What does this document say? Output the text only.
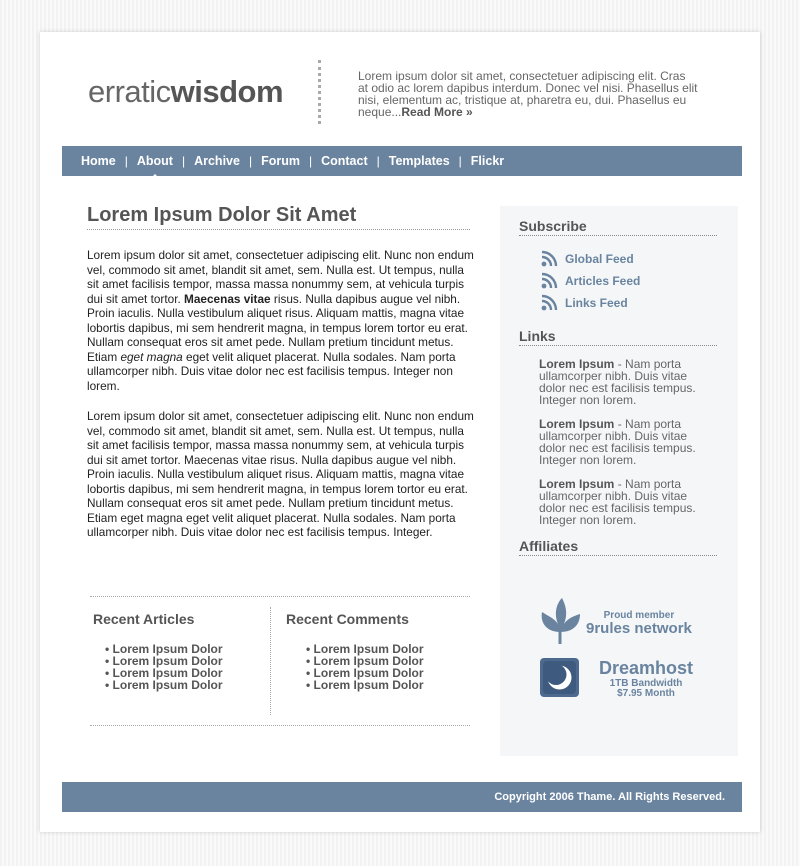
erraticwisdom	Lorem ipsum dolor sit amet, consectetuer adipiscing elit. Cras at odio ac lorem dapibus interdum. Donec vel nisi. Phasellus elit nisi, elementum ac, tristique at, pharetra eu, dui. Phasellus eu neque...Read More »
Home | About | Archive | Forum | Contact | Templates | Flickr
Lorem Ipsum Dolor Sit Amet

Lorem ipsum dolor sit amet, consectetuer adipiscing elit. Nunc non endum vel, commodo sit amet, blandit sit amet, sem. Nulla est. Ut tempus, nulla sit amet facilisis tempor, massa massa nonummy sem, at vehicula turpis dui sit amet tortor. Maecenas vitae risus. Nulla dapibus augue vel nibh. Proin iaculis. Nulla vestibulum aliquet risus. Aliquam mattis, magna vitae lobortis dapibus, mi sem hendrerit magna, in tempus lorem tortor eu erat. Nullam consequat eros sit amet pede. Nullam pretium tincidunt metus. Etiam eget magna eget velit aliquet placerat. Nulla sodales. Nam porta ullamcorper nibh. Duis vitae dolor nec est facilisis tempus. Integer non lorem.

Lorem ipsum dolor sit amet, consectetuer adipiscing elit. Nunc non endum vel, commodo sit amet, blandit sit amet, sem. Nulla est. Ut tempus, nulla sit amet facilisis tempor, massa massa nonummy sem, at vehicula turpis dui sit amet tortor. Maecenas vitae risus. Nulla dapibus augue vel nibh. Proin iaculis. Nulla vestibulum aliquet risus. Aliquam mattis, magna vitae lobortis dapibus, mi sem hendrerit magna, in tempus lorem tortor eu erat. Nullam consequat eros sit amet pede. Nullam pretium tincidunt metus. Etiam eget magna eget velit aliquet placerat. Nulla sodales. Nam porta ullamcorper nibh. Duis vitae dolor nec est facilisis tempus. Integer.

Recent Articles
• Lorem Ipsum Dolor
• Lorem Ipsum Dolor
• Lorem Ipsum Dolor
• Lorem Ipsum Dolor
Recent Comments
• Lorem Ipsum Dolor
• Lorem Ipsum Dolor
• Lorem Ipsum Dolor
• Lorem Ipsum Dolor
Subscribe
Global Feed
Articles Feed
Links Feed
Links
Lorem Ipsum - Nam porta ullamcorper nibh. Duis vitae dolor nec est facilisis tempus. Integer non lorem.
Lorem Ipsum - Nam porta ullamcorper nibh. Duis vitae dolor nec est facilisis tempus. Integer non lorem.
Lorem Ipsum - Nam porta ullamcorper nibh. Duis vitae dolor nec est facilisis tempus. Integer non lorem.
Affiliates
Proud member
9rules network
Dreamhost
1TB Bandwidth
$7.95 Month
Copyright 2006 Thame. All Rights Reserved.
